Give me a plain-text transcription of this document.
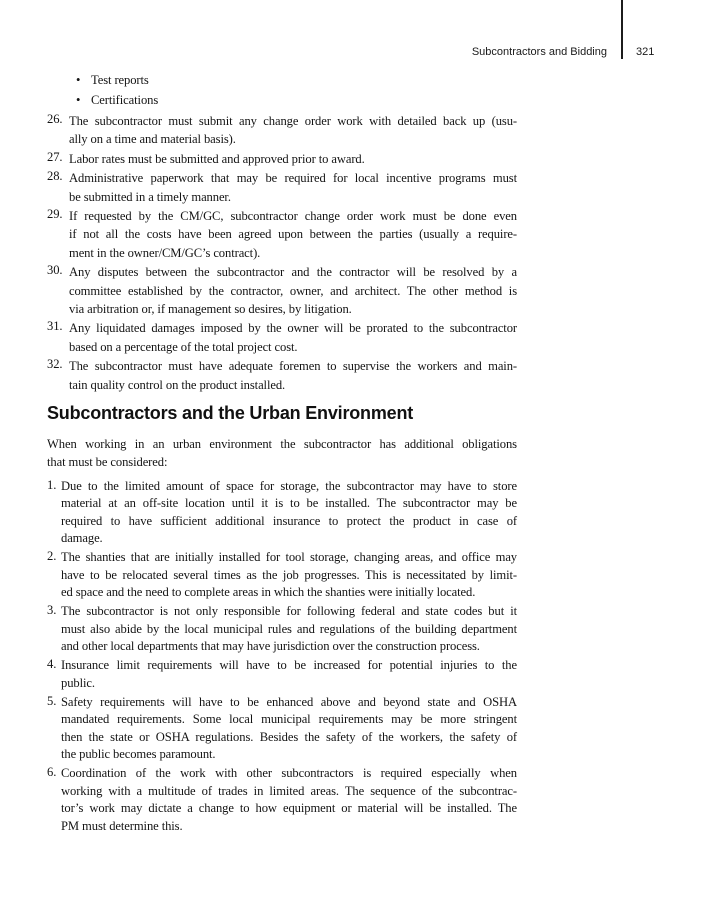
Subcontractors and Bidding	321
• Test reports
• Certifications
26. The subcontractor must submit any change order work with detailed back up (usu-
ally on a time and material basis).
27. Labor rates must be submitted and approved prior to award.
28. Administrative paperwork that may be required for local incentive programs must
be submitted in a timely manner.
29. If requested by the CM/GC, subcontractor change order work must be done even
if not all the costs have been agreed upon between the parties (usually a require-
ment in the owner/CM/GC’s contract).
30. Any disputes between the subcontractor and the contractor will be resolved by a
committee established by the contractor, owner, and architect. The other method is
via arbitration or, if management so desires, by litigation.
31. Any liquidated damages imposed by the owner will be prorated to the subcontractor
based on a percentage of the total project cost.
32. The subcontractor must have adequate foremen to supervise the workers and main-
tain quality control on the product installed.
Subcontractors and the Urban Environment
When working in an urban environment the subcontractor has additional obligations
that must be considered:
1. Due to the limited amount of space for storage, the subcontractor may have to store
material at an off-site location until it is to be installed. The subcontractor may be
required to have sufficient additional insurance to protect the product in case of
damage.
2. The shanties that are initially installed for tool storage, changing areas, and office may
have to be relocated several times as the job progresses. This is necessitated by limit-
ed space and the need to complete areas in which the shanties were initially located.
3. The subcontractor is not only responsible for following federal and state codes but it
must also abide by the local municipal rules and regulations of the building department
and other local departments that may have jurisdiction over the construction process.
4. Insurance limit requirements will have to be increased for potential injuries to the
public.
5. Safety requirements will have to be enhanced above and beyond state and OSHA
mandated requirements. Some local municipal requirements may be more stringent
then the state or OSHA regulations. Besides the safety of the workers, the safety of
the public becomes paramount.
6. Coordination of the work with other subcontractors is required especially when
working with a multitude of trades in limited areas. The sequence of the subcontrac-
tor’s work may dictate a change to how equipment or material will be installed. The
PM must determine this.
